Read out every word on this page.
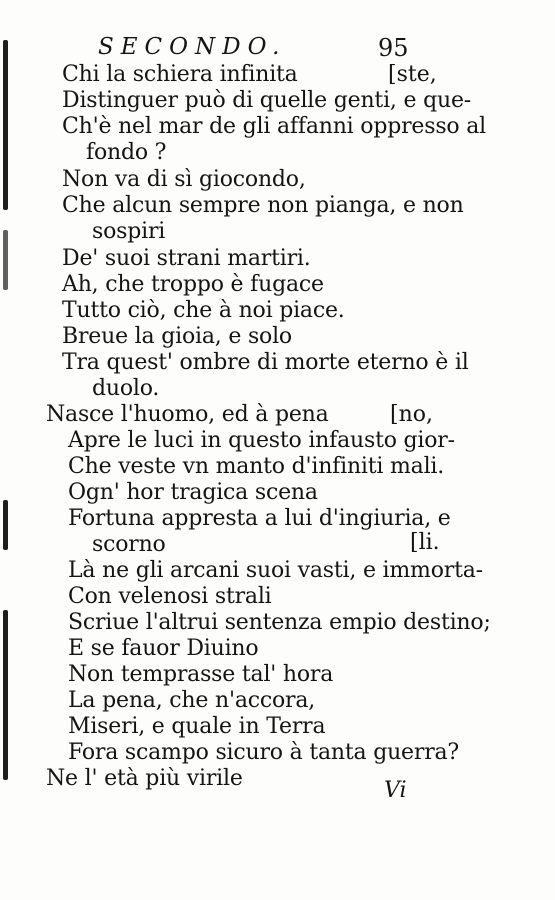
SECONDO.	95
Chi la schiera infinita	[ste,
Distinguer può di quelle genti, e que-
Ch'è nel mar de gli affanni oppresso al
fondo ?
Non va di sì giocondo,
Che alcun sempre non pianga, e non
sospiri
De' suoi strani martiri.
Ah, che troppo è fugace
Tutto ciò, che à noi piace.
Breue la gioia, e solo
Tra quest' ombre di morte eterno è il
duolo.
Nasce l'huomo, ed à pena	[no,
Apre le luci in questo infausto gior-
Che veste vn manto d'infiniti mali.
Ogn' hor tragica scena
Fortuna appresta a lui d'ingiuria, e
scorno	[li.
Là ne gli arcani suoi vasti, e immorta-
Con velenosi strali
Scriue l'altrui sentenza empio destino;
E se fauor Diuino
Non temprasse tal' hora
La pena, che n'accora,
Miseri, e quale in Terra
Fora scampo sicuro à tanta guerra?
Ne l' età più virile	Vi
